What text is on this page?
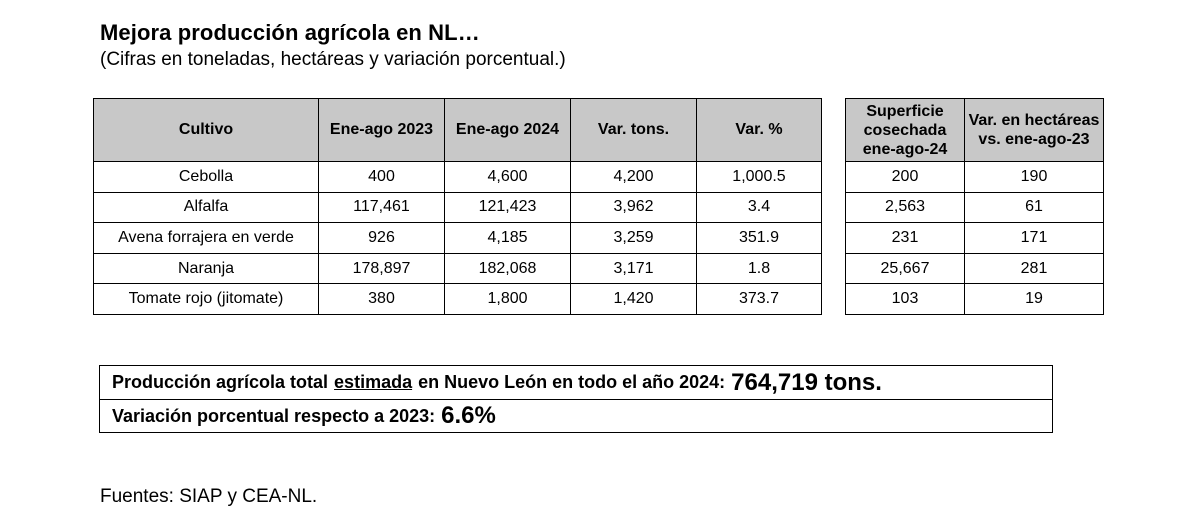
Mejora producción agrícola en NL…

(Cifras en toneladas, hectáreas y variación porcentual.)

Cultivo	Ene-ago 2023	Ene-ago 2024	Var. tons.	Var. %
Cebolla	400	4,600	4,200	1,000.5
Alfalfa	117,461	121,423	3,962	3.4
Avena forrajera en verde	926	4,185	3,259	351.9
Naranja	178,897	182,068	3,171	1.8
Tomate rojo (jitomate)	380	1,800	1,420	373.7
Superficie cosechada ene-ago-24	Var. en hectáreas vs. ene-ago-23
200	190
2,563	61
231	171
25,667	281
103	19
Producción agrícola total estimada en Nuevo León en todo el año 2024: 764,719 tons.
Variación porcentual respecto a 2023: 6.6%

Fuentes: SIAP y CEA-NL.
